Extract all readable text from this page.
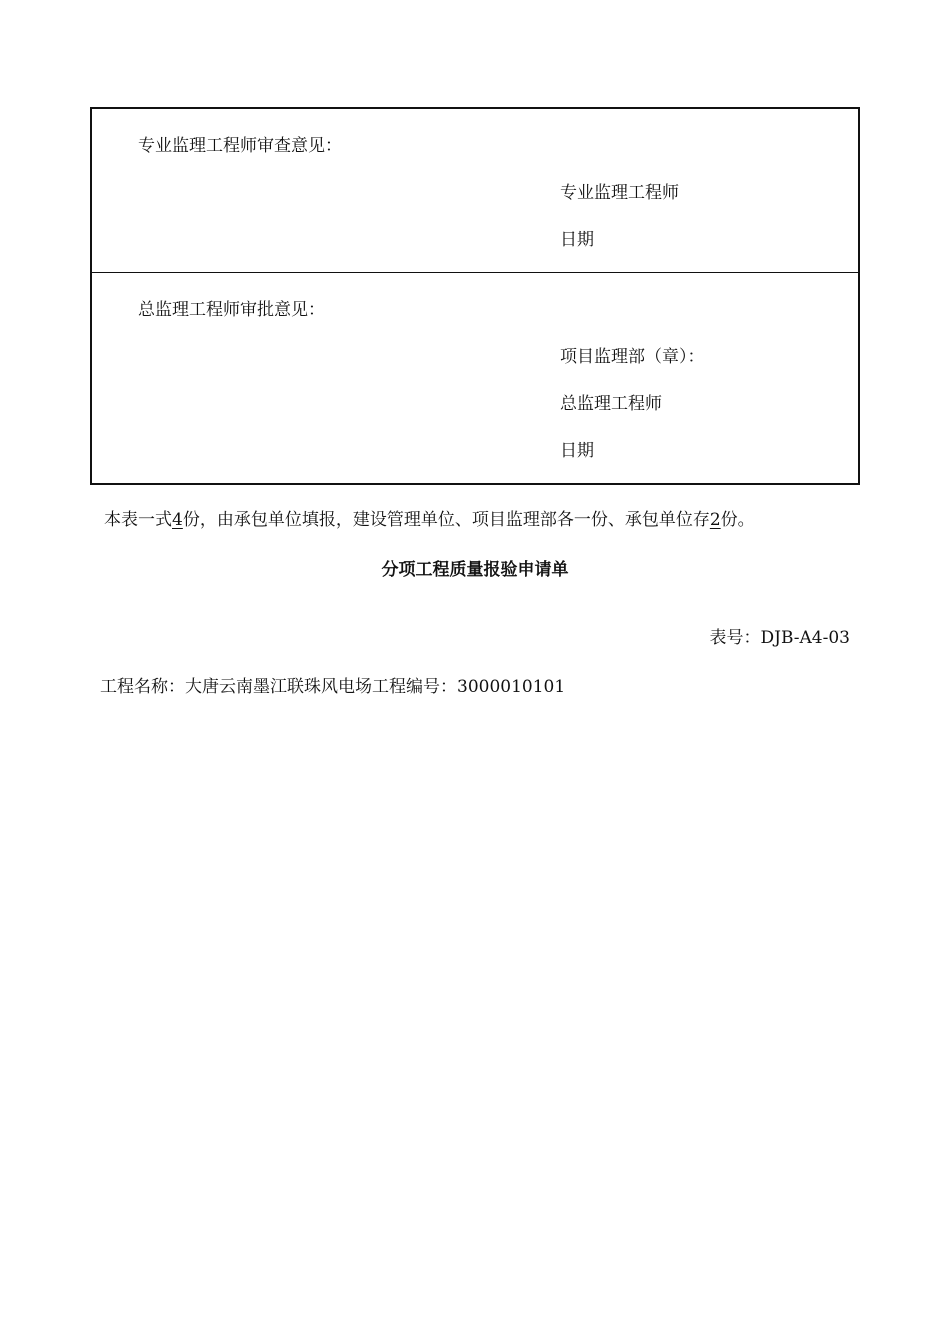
专业监理工程师审查意见：
专业监理工程师
日期
总监理工程师审批意见：
项目监理部（章）：
总监理工程师
日期
本表一式4份，由承包单位填报，建设管理单位、项目监理部各一份、承包单位存2份。
分项工程质量报验申请单
表号：DJB-A4-03
工程名称：大唐云南墨江联珠风电场工程编号：3000010101
